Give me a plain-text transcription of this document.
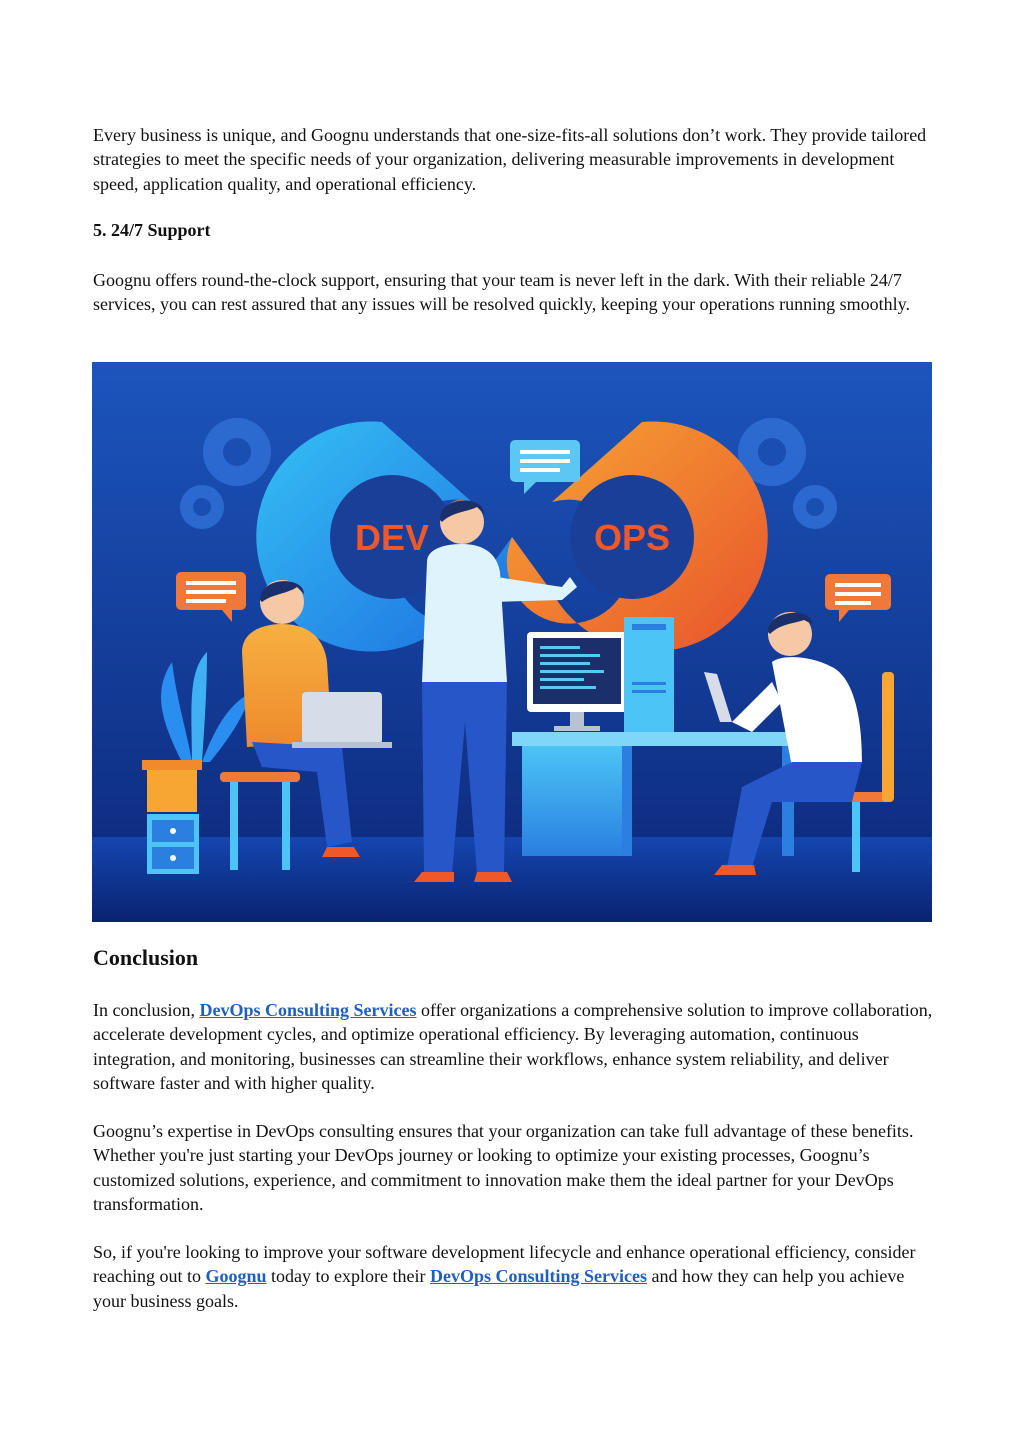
Every business is unique, and Goognu understands that one-size-fits-all solutions don’t work. They provide tailored strategies to meet the specific needs of your organization, delivering measurable improvements in development speed, application quality, and operational efficiency.

5. 24/7 Support

Goognu offers round-the-clock support, ensuring that your team is never left in the dark. With their reliable 24/7 services, you can rest assured that any issues will be resolved quickly, keeping your operations running smoothly.

DEV	OPS
Conclusion

In conclusion, DevOps Consulting Services offer organizations a comprehensive solution to improve collaboration, accelerate development cycles, and optimize operational efficiency. By leveraging automation, continuous integration, and monitoring, businesses can streamline their workflows, enhance system reliability, and deliver software faster and with higher quality.

Goognu’s expertise in DevOps consulting ensures that your organization can take full advantage of these benefits. Whether you're just starting your DevOps journey or looking to optimize your existing processes, Goognu’s customized solutions, experience, and commitment to innovation make them the ideal partner for your DevOps transformation.

So, if you're looking to improve your software development lifecycle and enhance operational efficiency, consider reaching out to Goognu today to explore their DevOps Consulting Services and how they can help you achieve your business goals.
